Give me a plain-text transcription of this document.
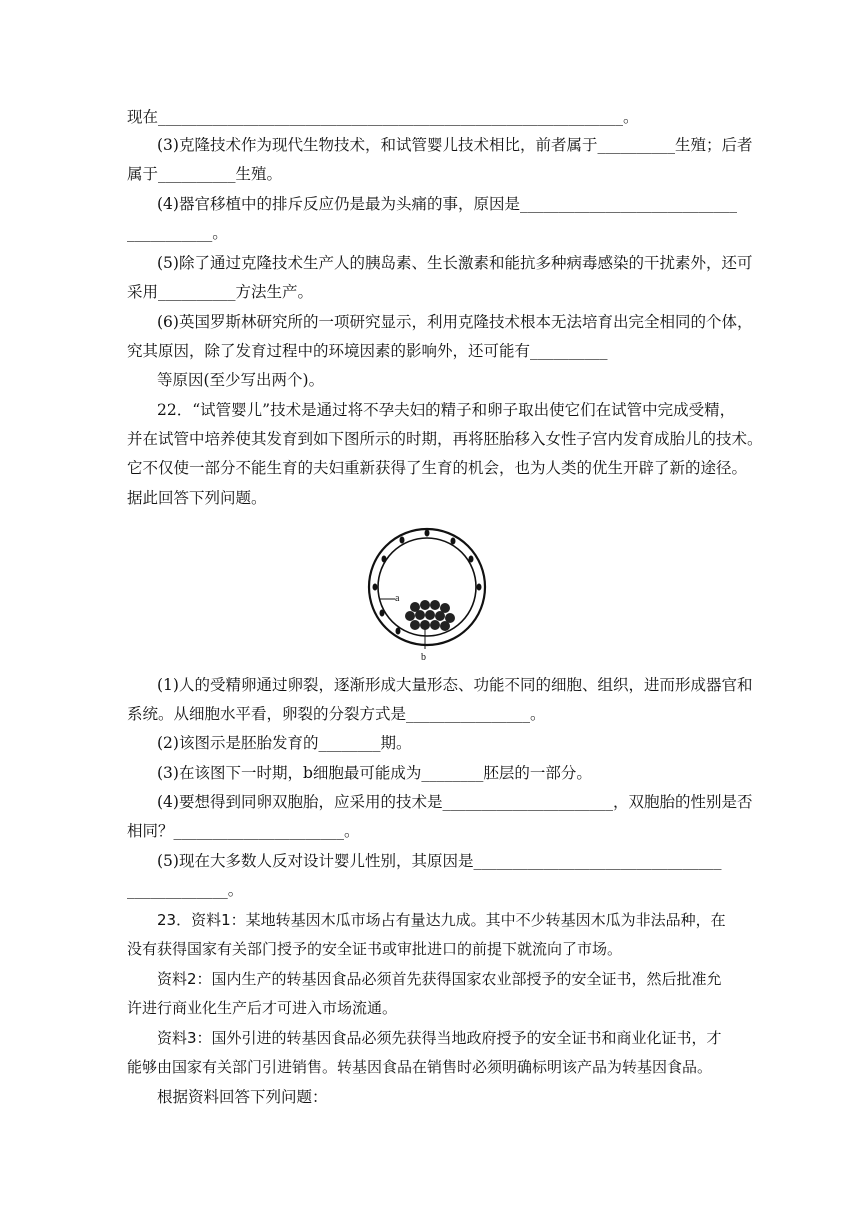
现在____________________________________________________________。
(3)克隆技术作为现代生物技术，和试管婴儿技术相比，前者属于__________生殖；后者
属于__________生殖。
(4)器官移植中的排斥反应仍是最为头痛的事，原因是____________________________
___________。
(5)除了通过克隆技术生产人的胰岛素、生长激素和能抗多种病毒感染的干扰素外，还可
采用__________方法生产。
(6)英国罗斯林研究所的一项研究显示，利用克隆技术根本无法培育出完全相同的个体，
究其原因，除了发育过程中的环境因素的影响外，还可能有__________
等原因(至少写出两个)。
22．“试管婴儿”技术是通过将不孕夫妇的精子和卵子取出使它们在试管中完成受精，
并在试管中培养使其发育到如下图所示的时期，再将胚胎移入女性子宫内发育成胎儿的技术。
它不仅使一部分不能生育的夫妇重新获得了生育的机会，也为人类的优生开辟了新的途径。
据此回答下列问题。
a
b
(1)人的受精卵通过卵裂，逐渐形成大量形态、功能不同的细胞、组织，进而形成器官和
系统。从细胞水平看，卵裂的分裂方式是________________。
(2)该图示是胚胎发育的________期。
(3)在该图下一时期，b细胞最可能成为________胚层的一部分。
(4)要想得到同卵双胞胎，应采用的技术是______________________，双胞胎的性别是否
相同？______________________。
(5)现在大多数人反对设计婴儿性别，其原因是________________________________
_____________。
23．资料1：某地转基因木瓜市场占有量达九成。其中不少转基因木瓜为非法品种，在
没有获得国家有关部门授予的安全证书或审批进口的前提下就流向了市场。
资料2：国内生产的转基因食品必须首先获得国家农业部授予的安全证书，然后批准允
许进行商业化生产后才可进入市场流通。
资料3：国外引进的转基因食品必须先获得当地政府授予的安全证书和商业化证书，才
能够由国家有关部门引进销售。转基因食品在销售时必须明确标明该产品为转基因食品。
根据资料回答下列问题：
